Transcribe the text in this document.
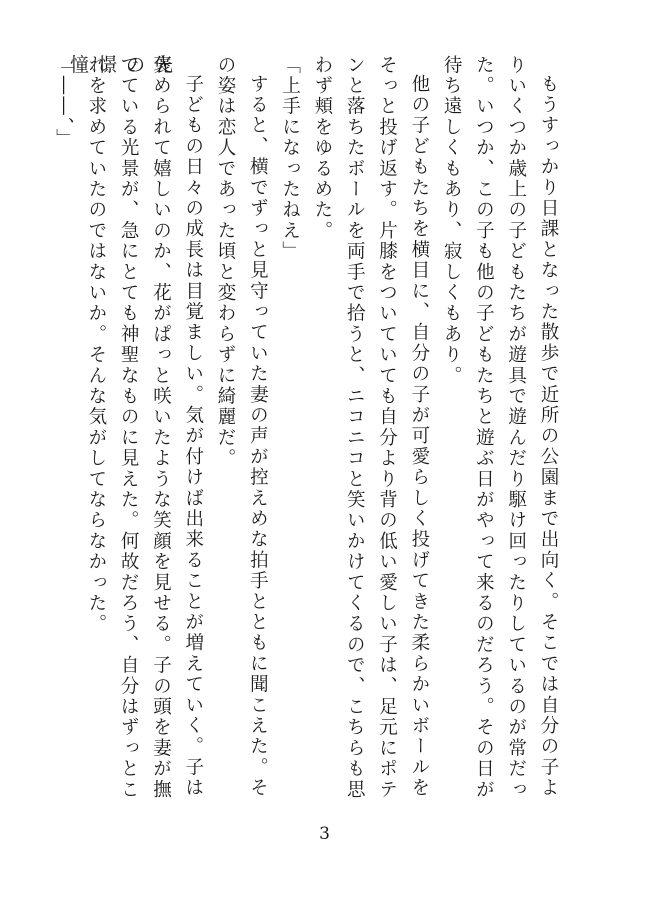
憧憬の先

もうすっかり日課となった散歩で近所の公園まで出向く。そこでは自分の子よりいくつか歳上の子どもたちが遊具で遊んだり駆け回ったりしているのが常だった。いつか、この子も他の子どもたちと遊ぶ日がやって来るのだろう。その日が待ち遠しくもあり、寂しくもあり。

他の子どもたちを横目に、自分の子が可愛らしく投げてきた柔らかいボールをそっと投げ返す。片膝をついていても自分より背の低い愛しい子は、足元にポテンと落ちたボールを両手で拾うと、ニコニコと笑いかけてくるので、こちらも思わず頬をゆるめた。

「上手になったねえ」

すると、横でずっと見守っていた妻の声が控えめな拍手とともに聞こえた。その姿は恋人であった頃と変わらずに綺麗だ。

子どもの日々の成長は目覚ましい。気が付けば出来ることが増えていく。子は褒められて嬉しいのか、花がぱっと咲いたような笑顔を見せる。子の頭を妻が撫でている光景が、急にとても神聖なものに見えた。何故だろう、自分はずっとこれを求めていたのではないか。そんな気がしてならなかった。

「――、」

3
